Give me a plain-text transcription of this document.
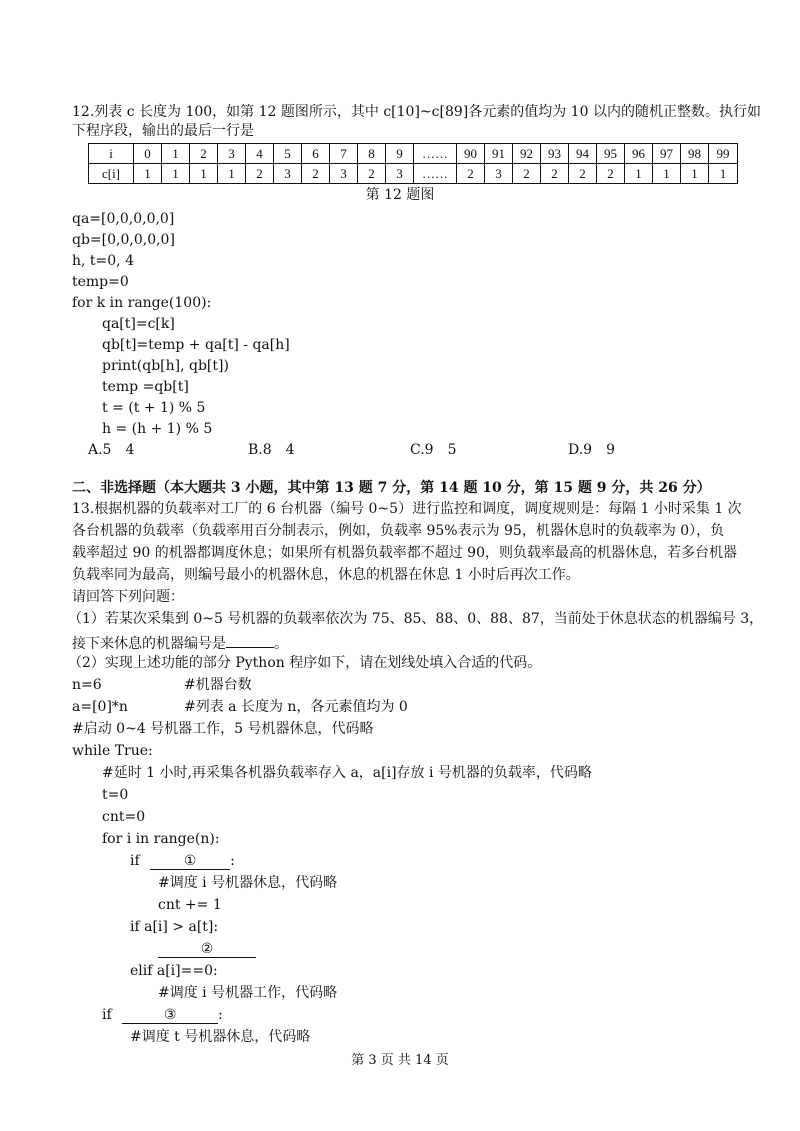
12.列表 c 长度为 100，如第 12 题图所示，其中 c[10]~c[89]各元素的值均为 10 以内的随机正整数。执行如
下程序段，输出的最后一行是
i	0	1	2	3	4	5	6	7	8	9	……	90	91	92	93	94	95	96	97	98	99
c[i]	1	1	1	1	2	3	2	3	2	3	……	2	3	2	2	2	2	1	1	1	1
第 12 题图
qa=[0,0,0,0,0]
qb=[0,0,0,0,0]
h, t=0, 4
temp=0
for k in range(100):
qa[t]=c[k]
qb[t]=temp + qa[t] - qa[h]
print(qb[h], qb[t])
temp =qb[t]
t = (t + 1) % 5
h = (h + 1) % 5
A.5　4	B.8　4	C.9　5	D.9　9
二、非选择题（本大题共 3 小题，其中第 13 题 7 分，第 14 题 10 分，第 15 题 9 分，共 26 分）
13.根据机器的负载率对工厂的 6 台机器（编号 0~5）进行监控和调度，调度规则是：每隔 1 小时采集 1 次
各台机器的负载率（负载率用百分制表示，例如，负载率 95%表示为 95，机器休息时的负载率为 0），负
载率超过 90 的机器都调度休息；如果所有机器负载率都不超过 90，则负载率最高的机器休息，若多台机器
负载率同为最高，则编号最小的机器休息，休息的机器在休息 1 小时后再次工作。
请回答下列问题：
（1）若某次采集到 0~5 号机器的负载率依次为 75、85、88、0、88、87，当前处于休息状态的机器编号 3，
接下来休息的机器编号是	。
（2）实现上述功能的部分 Python 程序如下，请在划线处填入合适的代码。
n=6	#机器台数
a=[0]*n	#列表 a 长度为 n，各元素值均为 0
#启动 0~4 号机器工作，5 号机器休息，代码略
while True:
#延时 1 小时,再采集各机器负载率存入 a，a[i]存放 i 号机器的负载率，代码略
t=0
cnt=0
for i in range(n):
if	① :
#调度 i 号机器休息，代码略
cnt += 1
if a[i] > a[t]:
②
elif a[i]==0:
#调度 i 号机器工作，代码略
if	③	:
#调度 t 号机器休息，代码略
第 3 页 共 14 页
